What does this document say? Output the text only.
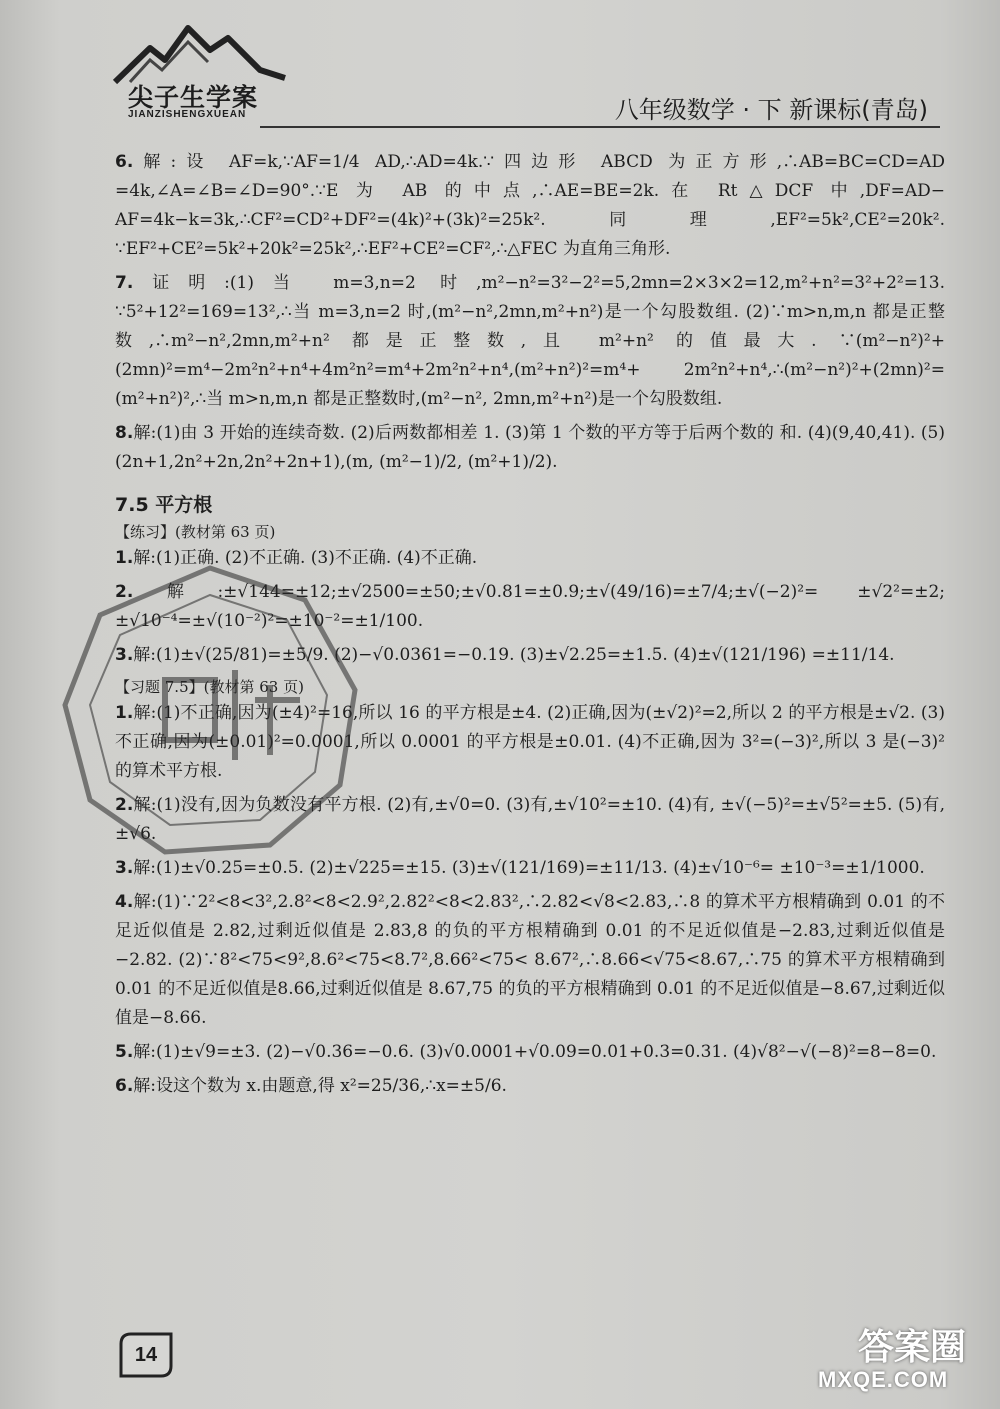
尖子生学案
JIANZISHENGXUEAN	八年级数学 · 下 新课标(青岛)

6.解:设 AF=k,∵AF=1/4 AD,∴AD=4k.∵四边形 ABCD 为正方形,∴AB=BC=CD=AD =4k,∠A=∠B=∠D=90°.∵E 为 AB 的中点,∴AE=BE=2k.在 Rt△DCF 中,DF=AD− AF=4k−k=3k,∴CF²=CD²+DF²=(4k)²+(3k)²=25k².同理,EF²=5k²,CE²=20k². ∵EF²+CE²=5k²+20k²=25k²,∴EF²+CE²=CF²,∴△FEC 为直角三角形.

7.证明:(1)当 m=3,n=2 时,m²−n²=3²−2²=5,2mn=2×3×2=12,m²+n²=3²+2²=13. ∵5²+12²=169=13²,∴当 m=3,n=2 时,(m²−n²,2mn,m²+n²)是一个勾股数组. (2)∵m>n,m,n 都是正整数,∴m²−n²,2mn,m²+n² 都是正整数,且 m²+n² 的值最大. ∵(m²−n²)²+(2mn)²=m⁴−2m²n²+n⁴+4m²n²=m⁴+2m²n²+n⁴,(m²+n²)²=m⁴+ 2m²n²+n⁴,∴(m²−n²)²+(2mn)²=(m²+n²)²,∴当 m>n,m,n 都是正整数时,(m²−n², 2mn,m²+n²)是一个勾股数组.

8.解:(1)由 3 开始的连续奇数. (2)后两数都相差 1. (3)第 1 个数的平方等于后两个数的 和. (4)(9,40,41). (5)(2n+1,2n²+2n,2n²+2n+1),(m, (m²−1)/2, (m²+1)/2).

7.5 平方根

【练习】(教材第 63 页)

1.解:(1)正确. (2)不正确. (3)不正确. (4)不正确.

2.解:±√144=±12;±√2500=±50;±√0.81=±0.9;±√(49/16)=±7/4;±√(−2)²= ±√2²=±2;±√10⁻⁴=±√(10⁻²)²=±10⁻²=±1/100.

3.解:(1)±√(25/81)=±5/9. (2)−√0.0361=−0.19. (3)±√2.25=±1.5. (4)±√(121/196) =±11/14.

【习题 7.5】(教材第 63 页)

1.解:(1)不正确,因为(±4)²=16,所以 16 的平方根是±4. (2)正确,因为(±√2)²=2,所以 2 的平方根是±√2. (3)不正确,因为(±0.01)²=0.0001,所以 0.0001 的平方根是±0.01. (4)不正确,因为 3²=(−3)²,所以 3 是(−3)² 的算术平方根.

2.解:(1)没有,因为负数没有平方根. (2)有,±√0=0. (3)有,±√10²=±10. (4)有, ±√(−5)²=±√5²=±5. (5)有,±√6.

3.解:(1)±√0.25=±0.5. (2)±√225=±15. (3)±√(121/169)=±11/13. (4)±√10⁻⁶= ±10⁻³=±1/1000.

4.解:(1)∵2²<8<3²,2.8²<8<2.9²,2.82²<8<2.83²,∴2.82<√8<2.83,∴8 的算术平方根精确到 0.01 的不足近似值是 2.82,过剩近似值是 2.83,8 的负的平方根精确到 0.01 的不足近似值是−2.83,过剩近似值是−2.82. (2)∵8²<75<9²,8.6²<75<8.7²,8.66²<75< 8.67²,∴8.66<√75<8.67,∴75 的算术平方根精确到 0.01 的不足近似值是8.66,过剩近似值是 8.67,75 的负的平方根精确到 0.01 的不足近似值是−8.67,过剩近似值是−8.66.

5.解:(1)±√9=±3. (2)−√0.36=−0.6. (3)√0.0001+√0.09=0.01+0.3=0.31. (4)√8²−√(−8)²=8−8=0.

6.解:设这个数为 x.由题意,得 x²=25/36,∴x=±5/6.

14	答案圈
MXQE.COM
